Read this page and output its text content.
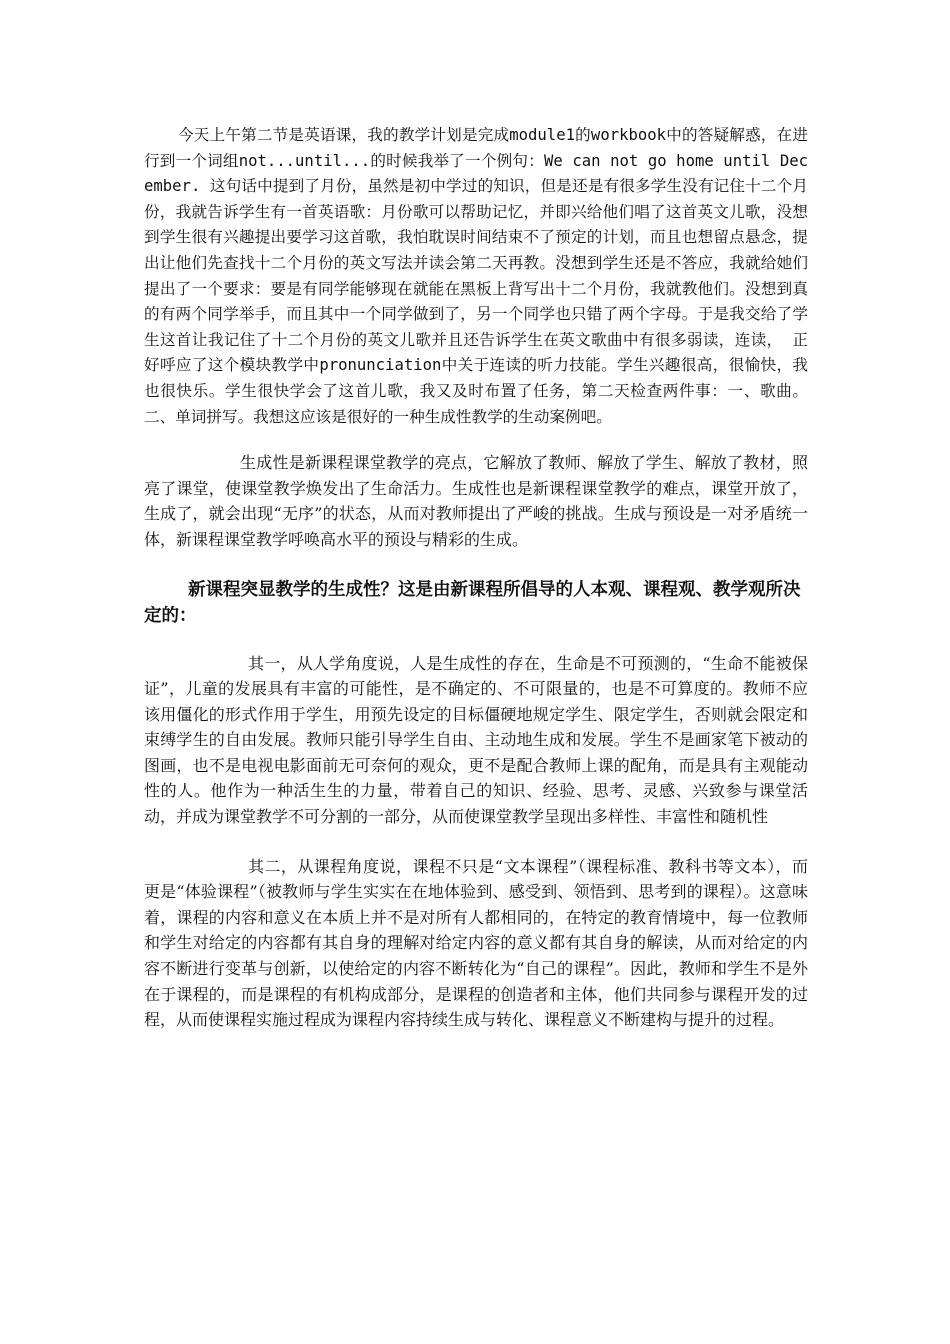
今天上午第二节是英语课，我的教学计划是完成module1的workbook中的答疑解惑，在进行到一个词组not...until...的时候我举了一个例句：We can not go home until December. 这句话中提到了月份，虽然是初中学过的知识，但是还是有很多学生没有记住十二个月份，我就告诉学生有一首英语歌：月份歌可以帮助记忆，并即兴给他们唱了这首英文儿歌，没想到学生很有兴趣提出要学习这首歌，我怕耽误时间结束不了预定的计划，而且也想留点悬念，提出让他们先查找十二个月份的英文写法并读会第二天再教。没想到学生还是不答应，我就给她们提出了一个要求：要是有同学能够现在就能在黑板上背写出十二个月份，我就教他们。没想到真的有两个同学举手，而且其中一个同学做到了，另一个同学也只错了两个字母。于是我交给了学生这首让我记住了十二个月份的英文儿歌并且还告诉学生在英文歌曲中有很多弱读，连读， 正好呼应了这个模块教学中pronunciation中关于连读的听力技能。学生兴趣很高，很愉快，我也很快乐。学生很快学会了这首儿歌，我又及时布置了任务，第二天检查两件事：一、歌曲。二、单词拼写。我想这应该是很好的一种生成性教学的生动案例吧。

生成性是新课程课堂教学的亮点，它解放了教师、解放了学生、解放了教材，照亮了课堂，使课堂教学焕发出了生命活力。生成性也是新课程课堂教学的难点，课堂开放了，生成了，就会出现“无序”的状态，从而对教师提出了严峻的挑战。生成与预设是一对矛盾统一体，新课程课堂教学呼唤高水平的预设与精彩的生成。

新课程突显教学的生成性？这是由新课程所倡导的人本观、课程观、教学观所决定的：

其一，从人学角度说，人是生成性的存在，生命是不可预测的，“生命不能被保证”，儿童的发展具有丰富的可能性，是不确定的、不可限量的，也是不可算度的。教师不应该用僵化的形式作用于学生，用预先设定的目标僵硬地规定学生、限定学生，否则就会限定和束缚学生的自由发展。教师只能引导学生自由、主动地生成和发展。学生不是画家笔下被动的图画，也不是电视电影面前无可奈何的观众，更不是配合教师上课的配角，而是具有主观能动性的人。他作为一种活生生的力量，带着自己的知识、经验、思考、灵感、兴致参与课堂活动，并成为课堂教学不可分割的一部分，从而使课堂教学呈现出多样性、丰富性和随机性

其二，从课程角度说，课程不只是“文本课程”（课程标准、教科书等文本），而更是“体验课程”（被教师与学生实实在在地体验到、感受到、领悟到、思考到的课程）。这意味着，课程的内容和意义在本质上并不是对所有人都相同的，在特定的教育情境中，每一位教师和学生对给定的内容都有其自身的理解对给定内容的意义都有其自身的解读，从而对给定的内容不断进行变革与创新，以使给定的内容不断转化为“自己的课程”。因此，教师和学生不是外在于课程的，而是课程的有机构成部分，是课程的创造者和主体，他们共同参与课程开发的过程，从而使课程实施过程成为课程内容持续生成与转化、课程意义不断建构与提升的过程。
